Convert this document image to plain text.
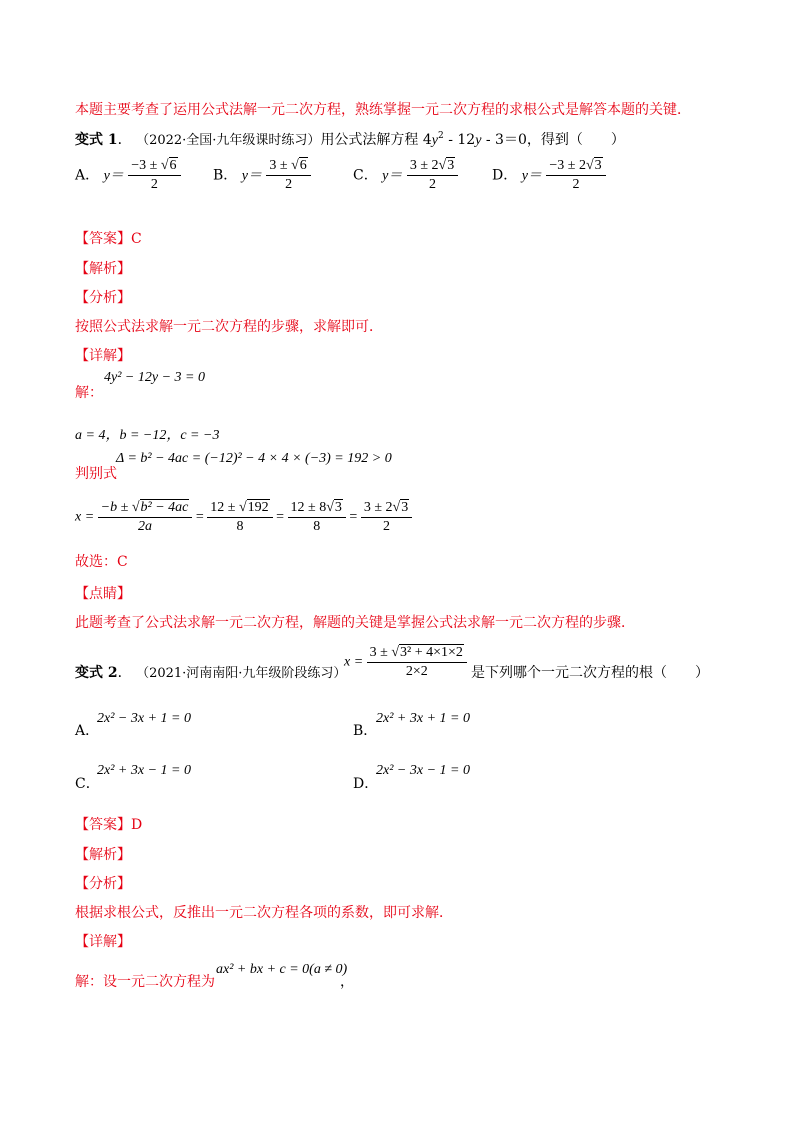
本题主要考查了运用公式法解一元二次方程，熟练掌握一元二次方程的求根公式是解答本题的关键．
变式 1． （2022·全国·九年级课时练习）用公式法解方程 $4y^2 - 12y - 3=0$，得到（　　）
A． $y= \frac{-3 \pm √6}{2}$ B． $y= \frac{3 \pm √6}{2}$	C． $y= \frac{3 \pm 2√3}{2}$ D． $y= \frac{-3 \pm 2√3}{2}$
【答案】C
【解析】
【分析】
按照公式法求解一元二次方程的步骤，求解即可．
【详解】
解：
4y² − 12y − 3 = 0
a = 4，b = −12，c = −3
Δ = b² − 4ac = (−12)² − 4 × 4 × (−3) = 192 > 0
判别式
$x = \frac{\text{−b ± √b² − 4ac}}{2a} = \frac{12 \pm √192}{8} = \frac{12 \pm 8√3}{8} = \frac{3 \pm 2√3}{2}$
故选：C
【点睛】
此题考查了公式法求解一元二次方程，解题的关键是掌握公式法求解一元二次方程的步骤．
变式 2． （2021·河南南阳·九年级阶段练习）
$x = \frac{\text{3 ± √3² + 4×1×2}}{2\times 2}$ 是下列哪个一元二次方程的根（　　）
A．
2x² − 3x + 1 = 0
B．
2x² + 3x + 1 = 0
C．
2x² + 3x − 1 = 0
D．
2x² − 3x − 1 = 0
【答案】D
【解析】
【分析】
根据求根公式，反推出一元二次方程各项的系数，即可求解．
【详解】
解：设一元二次方程为
ax² + bx + c = 0(a ≠ 0)
，
